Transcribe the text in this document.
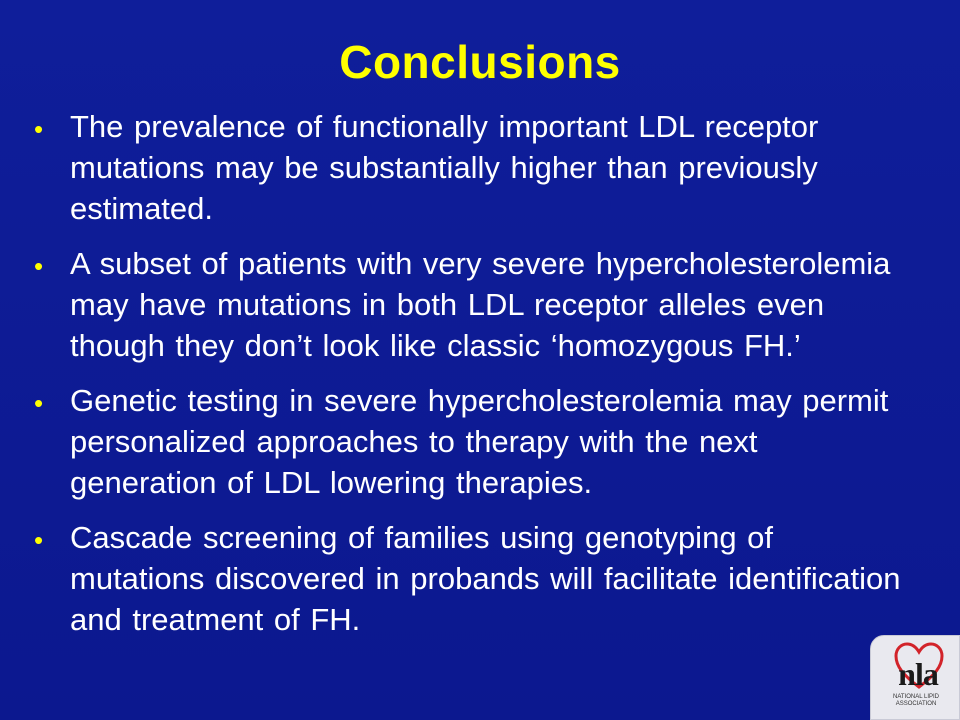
Conclusions
• The prevalence of functionally important LDL receptor mutations may be substantially higher than previously estimated.
• A subset of patients with very severe hypercholesterolemia may have mutations in both LDL receptor alleles even though they don’t look like classic ‘homozygous FH.’
• Genetic testing in severe hypercholesterolemia may permit personalized approaches to therapy with the next generation of LDL lowering therapies.
• Cascade screening of families using genotyping of mutations discovered in probands will facilitate identification and treatment of FH.
nla
NATIONAL LIPID ASSOCIATION
